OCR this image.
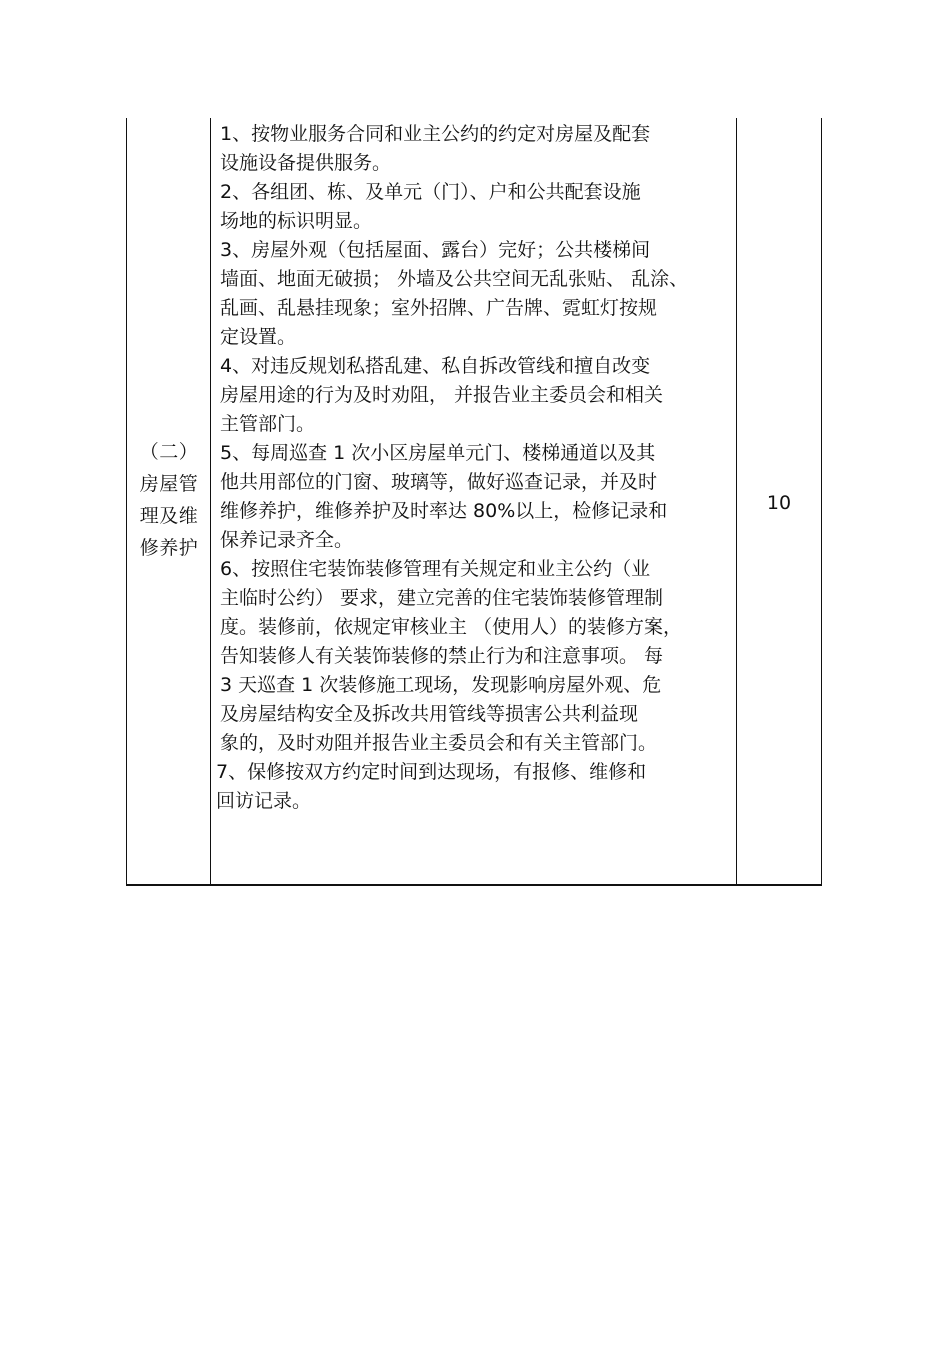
（二）
房屋管
理及维
修养护
1、按物业服务合同和业主公约的约定对房屋及配套
设施设备提供服务。
2、各组团、栋、及单元（门）、户和公共配套设施
场地的标识明显。
3、房屋外观（包括屋面、露台）完好；公共楼梯间
墙面、地面无破损； 外墙及公共空间无乱张贴、 乱涂、
乱画、乱悬挂现象；室外招牌、广告牌、霓虹灯按规
定设置。
4、对违反规划私搭乱建、私自拆改管线和擅自改变
房屋用途的行为及时劝阻， 并报告业主委员会和相关
主管部门。
5、每周巡查 1 次小区房屋单元门、楼梯通道以及其
他共用部位的门窗、玻璃等，做好巡查记录，并及时
维修养护，维修养护及时率达 80%以上，检修记录和
保养记录齐全。
6、按照住宅装饰装修管理有关规定和业主公约（业
主临时公约） 要求，建立完善的住宅装饰装修管理制
度。装修前，依规定审核业主 （使用人）的装修方案，
告知装修人有关装饰装修的禁止行为和注意事项。 每
3 天巡查 1 次装修施工现场，发现影响房屋外观、危
及房屋结构安全及拆改共用管线等损害公共利益现
象的，及时劝阻并报告业主委员会和有关主管部门。
7、保修按双方约定时间到达现场，有报修、维修和
回访记录。
10
